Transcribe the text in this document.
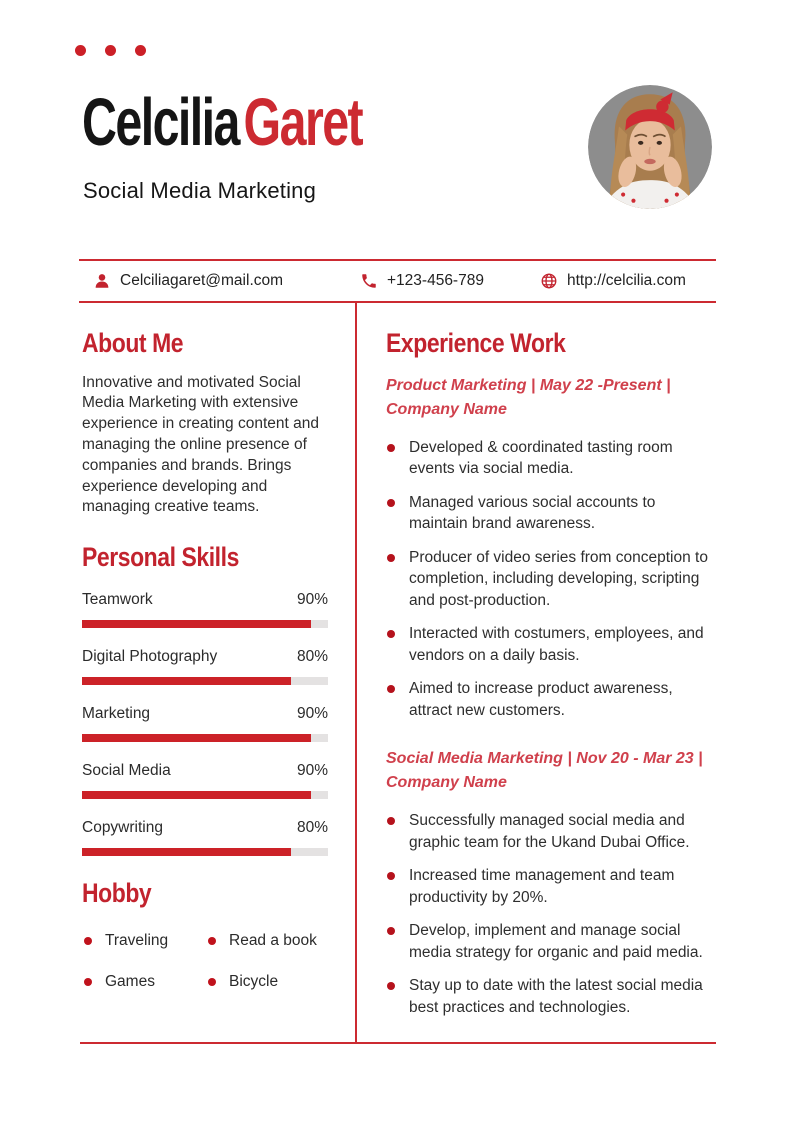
CelciliaGaret

Social Media Marketing

Celciliagaret@mail.com	+123-456-789	http://celcilia.com
About Me

Innovative and motivated Social Media Marketing with extensive experience in creating content and managing the online presence of companies and brands. Brings experience developing and managing creative teams.

Personal Skills
Teamwork	90%
Digital Photography	80%
Marketing	90%
Social Media	90%
Copywriting	80%
Hobby
Traveling	Read a book
Games	Bicycle
Experience Work

Product Marketing | May 22 -Present | Company Name

Developed & coordinated tasting room events via social media.
Managed various social accounts to maintain brand awareness.
Producer of video series from conception to completion, including developing, scripting and post-production.
Interacted with costumers, employees, and vendors on a daily basis.
Aimed to increase product awareness, attract new customers.

Social Media Marketing | Nov 20 - Mar 23 | Company Name

Successfully managed social media and graphic team for the Ukand Dubai Office.
Increased time management and team productivity by 20%.
Develop, implement and manage social media strategy for organic and paid media.
Stay up to date with the latest social media best practices and technologies.
